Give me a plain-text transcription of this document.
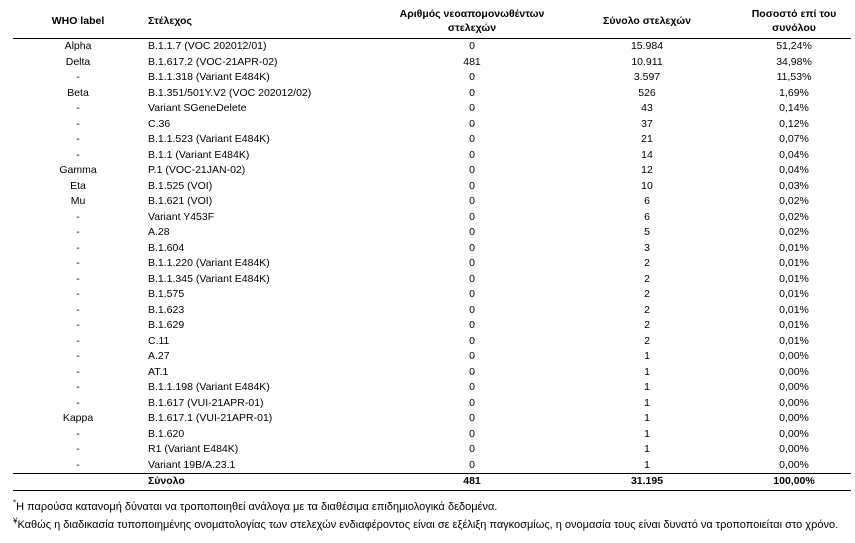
WHO label	Στέλεχος	Αριθμός νεοαπομονωθέντων στελεχών	Σύνολο στελεχών	Ποσοστό επί του συνόλου
Alpha	B.1.1.7 (VOC 202012/01)	0	15.984	51,24%
Delta	B.1.617.2 (VOC-21APR-02)	481	10.911	34,98%
-	B.1.1.318 (Variant E484K)	0	3.597	11,53%
Beta	B.1.351/501Y.V2 (VOC 202012/02)	0	526	1,69%
-	Variant SGeneDelete	0	43	0,14%
-	C.36	0	37	0,12%
-	B.1.1.523 (Variant E484K)	0	21	0,07%
-	B.1.1 (Variant E484K)	0	14	0,04%
Gamma	P.1 (VOC-21JAN-02)	0	12	0,04%
Eta	B.1.525 (VOI)	0	10	0,03%
Mu	B.1.621 (VOI)	0	6	0,02%
-	Variant Y453F	0	6	0,02%
-	A.28	0	5	0,02%
-	B.1.604	0	3	0,01%
-	B.1.1.220 (Variant E484K)	0	2	0,01%
-	B.1.1.345 (Variant E484K)	0	2	0,01%
-	B.1.575	0	2	0,01%
-	B.1.623	0	2	0,01%
-	B.1.629	0	2	0,01%
-	C.11	0	2	0,01%
-	A.27	0	1	0,00%
-	AT.1	0	1	0,00%
-	B.1.1.198 (Variant E484K)	0	1	0,00%
-	B.1.617 (VUI-21APR-01)	0	1	0,00%
Kappa	B.1.617.1 (VUI-21APR-01)	0	1	0,00%
-	B.1.620	0	1	0,00%
-	R1 (Variant E484K)	0	1	0,00%
-	Variant 19B/A.23.1	0	1	0,00%
	Σύνολο	481	31.195	100,00%
*Η παρούσα κατανομή δύναται να τροποποιηθεί ανάλογα με τα διαθέσιμα επιδημιολογικά δεδομένα.
¥Καθώς η διαδικασία τυποποιημένης ονοματολογίας των στελεχών ενδιαφέροντος είναι σε εξέλιξη παγκοσμίως, η ονομασία τους είναι δυνατό να τροποποιείται στο χρόνο.
